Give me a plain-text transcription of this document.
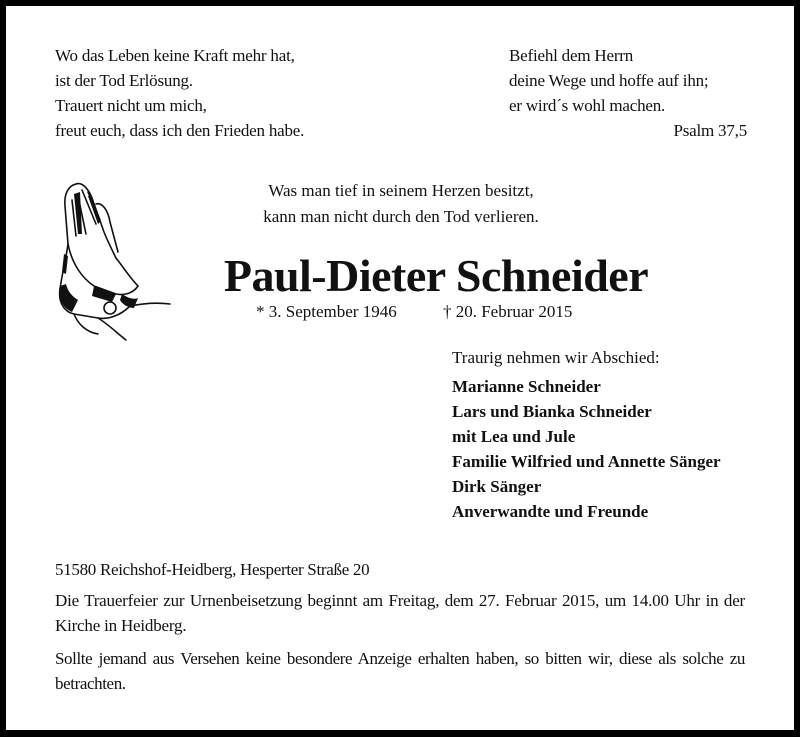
Wo das Leben keine Kraft mehr hat,
ist der Tod Erlösung.
Trauert nicht um mich,
freut euch, dass ich den Frieden habe.
Befiehl dem Herrn
deine Wege und hoffe auf ihn;
er wird´s wohl machen.
Psalm 37,5
Was man tief in seinem Herzen besitzt,
kann man nicht durch den Tod verlieren.
Paul-Dieter Schneider
* 3. September 1946	† 20. Februar 2015
Traurig nehmen wir Abschied:
Marianne Schneider
Lars und Bianka Schneider
mit Lea und Jule
Familie Wilfried und Annette Sänger
Dirk Sänger
Anverwandte und Freunde
51580 Reichshof-Heidberg, Hesperter Straße 20
Die Trauerfeier zur Urnenbeisetzung beginnt am Freitag, dem 27. Februar 2015, um 14.00 Uhr in der Kirche in Heidberg.
Sollte jemand aus Versehen keine besondere Anzeige erhalten haben, so bitten wir, diese als solche zu betrachten.
